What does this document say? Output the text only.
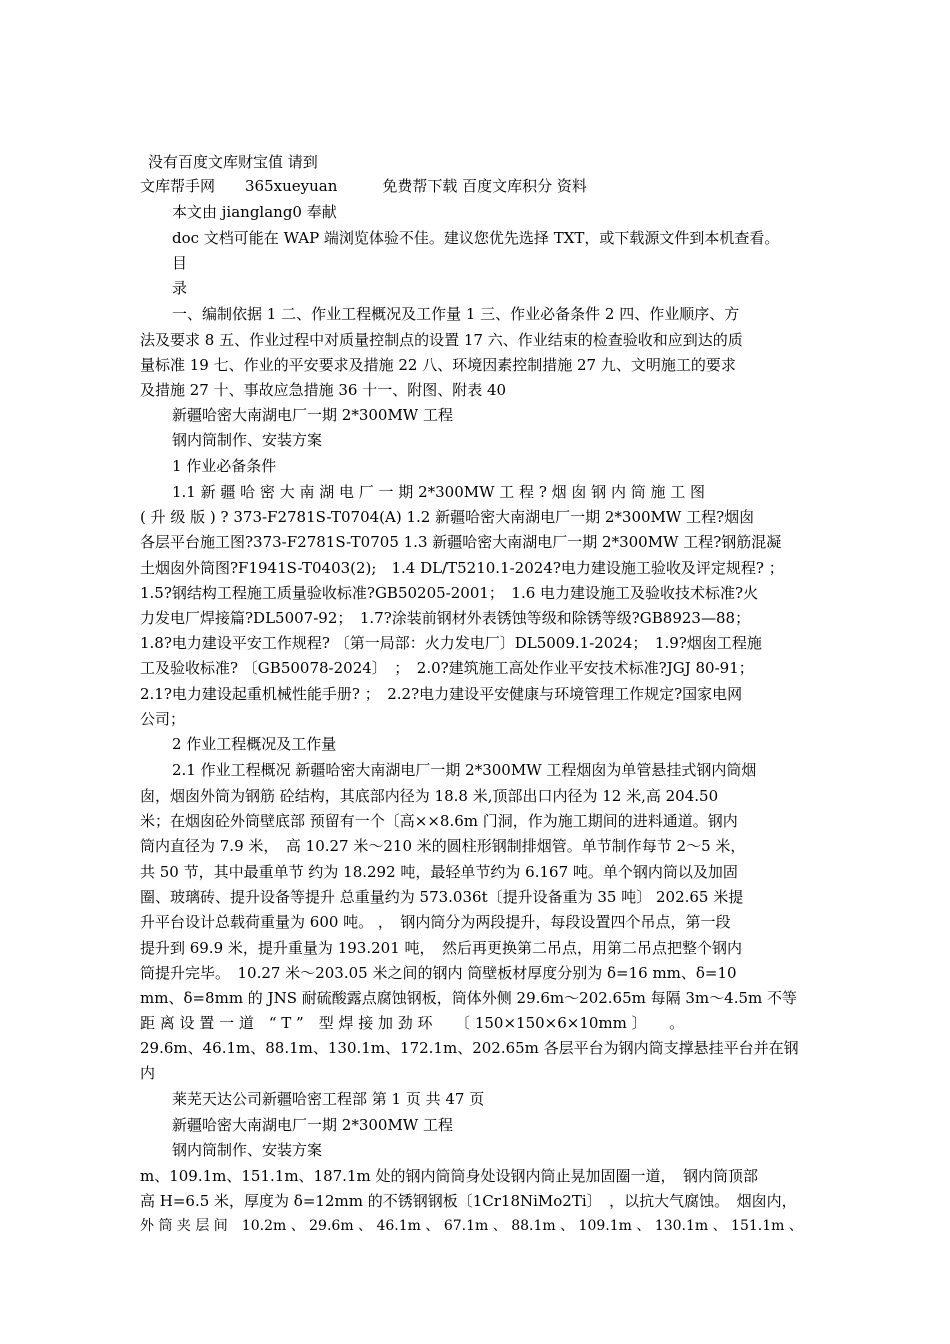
没有百度文库财宝值 请到
文库帮手网　　365xueyuan　　　免费帮下载 百度文库积分 资料
本文由 jianglang0 奉献
doc 文档可能在 WAP 端浏览体验不佳。建议您优先选择 TXT，或下载源文件到本机查看。
目
录
一、编制依据 1 二、作业工程概况及工作量 1 三、作业必备条件 2 四、作业顺序、方
法及要求 8 五、作业过程中对质量控制点的设置 17 六、作业结束的检查验收和应到达的质
量标准 19 七、作业的平安要求及措施 22 八、环境因素控制措施 27 九、文明施工的要求
及措施 27 十、事故应急措施 36 十一、附图、附表 40
新疆哈密大南湖电厂一期 2*300MW 工程
钢内筒制作、安装方案
1 作业必备条件
1.1 新 疆 哈 密 大 南 湖 电 厂 一 期 2*300MW 工 程 ? 烟 囱 钢 内 筒 施 工 图
( 升 级 版 ) ? 373-F2781S-T0704(A) 1.2 新疆哈密大南湖电厂一期 2*300MW 工程?烟囱
各层平台施工图?373-F2781S-T0705 1.3 新疆哈密大南湖电厂一期 2*300MW 工程?钢筋混凝
土烟囱外筒图?F1941S-T0403(2);　1.4 DL/T5210.1-2024?电力建设施工验收及评定规程? ；
1.5?钢结构工程施工质量验收标准?GB50205-2001；　1.6 电力建设施工及验收技术标准?火
力发电厂焊接篇?DL5007-92；　1.7?涂装前钢材外表锈蚀等级和除锈等级?GB8923—88；
1.8?电力建设平安工作规程? 〔第一局部：火力发电厂〕DL5009.1-2024；　1.9?烟囱工程施
工及验收标准? 〔GB50078-2024〕　；　2.0?建筑施工高处作业平安技术标准?JGJ 80-91；
2.1?电力建设起重机械性能手册? ；　2.2?电力建设平安健康与环境管理工作规定?国家电网
公司；
2 作业工程概况及工作量
2.1 作业工程概况 新疆哈密大南湖电厂一期 2*300MW 工程烟囱为单管悬挂式钢内筒烟
囱，烟囱外筒为钢筋 砼结构，其底部内径为 18.8 米,顶部出口内径为 12 米,高 204.50
米；在烟囱砼外筒壁底部 预留有一个〔高××8.6m 门洞，作为施工期间的进料通道。钢内
筒内直径为 7.9 米，　高 10.27 米～210 米的圆柱形钢制排烟管。单节制作每节 2～5 米，
共 50 节，其中最重单节 约为 18.292 吨，最轻单节约为 6.167 吨。单个钢内筒以及加固
圈、玻璃砖、提升设备等提升 总重量约为 573.036t〔提升设备重为 35 吨〕 202.65 米提
升平台设计总载荷重量为 600 吨。 ，　钢内筒分为两段提升，每段设置四个吊点，第一段
提升到 69.9 米，提升重量为 193.201 吨，　然后再更换第二吊点，用第二吊点把整个钢内
筒提升完毕。　10.27 米～203.05 米之间的钢内 筒壁板材厚度分别为 δ=16 mm、δ=10
mm、δ=8mm 的 JNS 耐硫酸露点腐蚀钢板，筒体外侧 29.6m～202.65m 每隔 3m～4.5m 不等
距 离 设 置 一 道　“ T ”　型 焊 接 加 劲 环　　〔 150×150×6×10mm 〕　　。
29.6m、46.1m、88.1m、130.1m、172.1m、202.65m 各层平台为钢内筒支撑悬挂平台并在钢
内
莱芜天达公司新疆哈密工程部 第 1 页 共 47 页
新疆哈密大南湖电厂一期 2*300MW 工程
钢内筒制作、安装方案
m、109.1m、151.1m、187.1m 处的钢内筒筒身处设钢内筒止晃加固圈一道，　钢内筒顶部
高 H=6.5 米，厚度为 δ=12mm 的不锈钢钢板〔1Cr18NiMo2Ti〕　，以抗大气腐蚀。　烟囱内，
外 筒 夹 层 间　10.2m 、 29.6m 、 46.1m 、 67.1m 、 88.1m 、 109.1m 、 130.1m 、 151.1m 、
